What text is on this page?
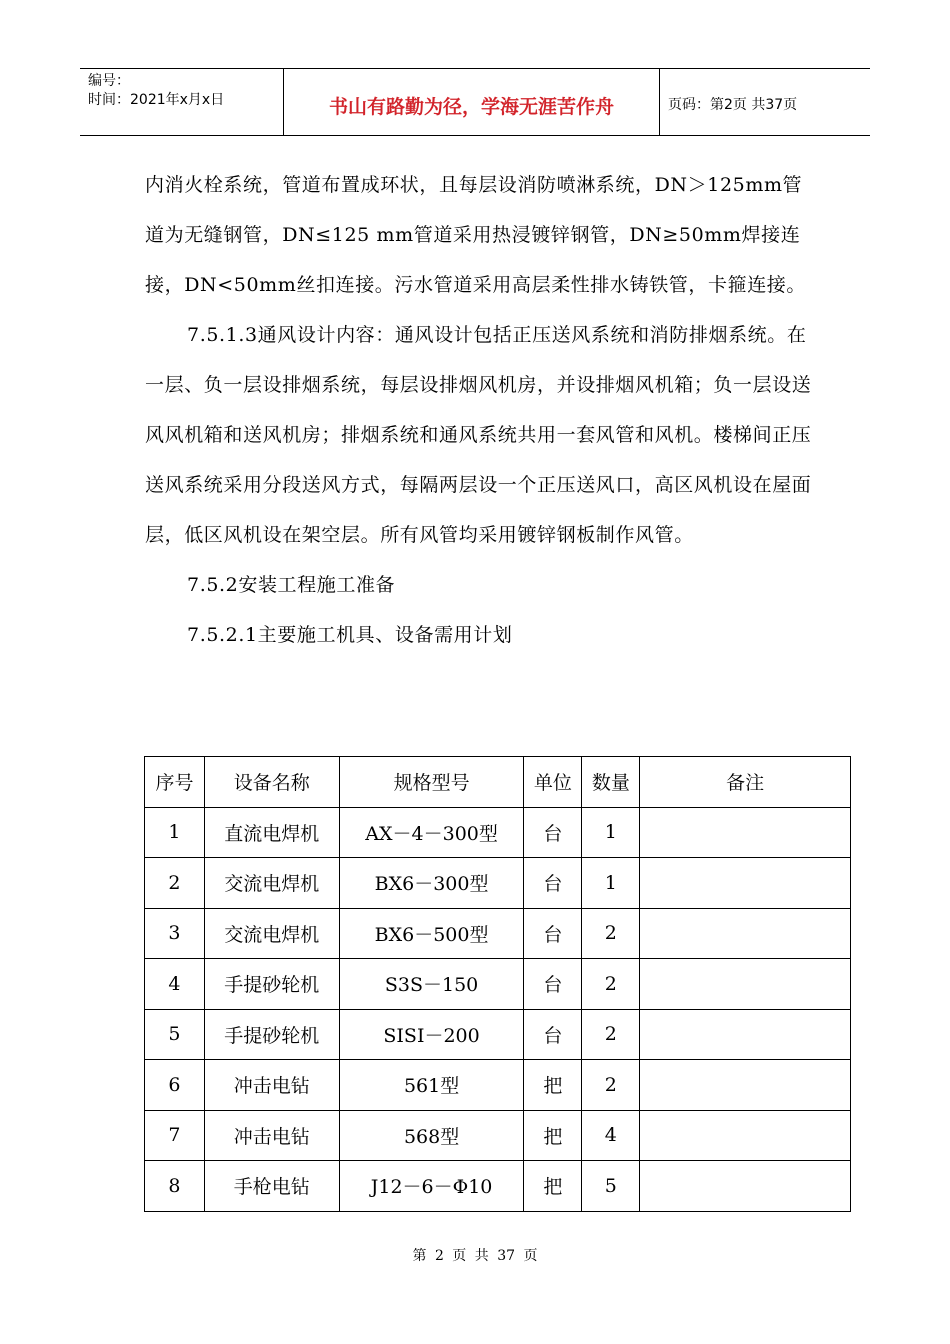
编号：
时间：2021年x月x日	书山有路勤为径，学海无涯苦作舟	页码：第2页 共37页

内消火栓系统，管道布置成环状，且每层设消防喷淋系统，DN＞125mm管道为无缝钢管，DN≤125 mm管道采用热浸镀锌钢管，DN≥50mm焊接连接，DN<50mm丝扣连接。污水管道采用高层柔性排水铸铁管，卡箍连接。

7.5.1.3通风设计内容：通风设计包括正压送风系统和消防排烟系统。在一层、负一层设排烟系统，每层设排烟风机房，并设排烟风机箱；负一层设送风风机箱和送风机房；排烟系统和通风系统共用一套风管和风机。楼梯间正压送风系统采用分段送风方式，每隔两层设一个正压送风口，高区风机设在屋面层，低区风机设在架空层。所有风管均采用镀锌钢板制作风管。

7.5.2安装工程施工准备

7.5.2.1主要施工机具、设备需用计划

序号	设备名称	规格型号	单位	数量	备注
1	直流电焊机	AX－4－300型	台	1	
2	交流电焊机	BX6－300型	台	1	
3	交流电焊机	BX6－500型	台	2	
4	手提砂轮机	S3S－150	台	2	
5	手提砂轮机	SISI－200	台	2	
6	冲击电钻	561型	把	2	
7	冲击电钻	568型	把	4	
8	手枪电钻	J12－6－Φ10	把	5	
第 2 页 共 37 页
